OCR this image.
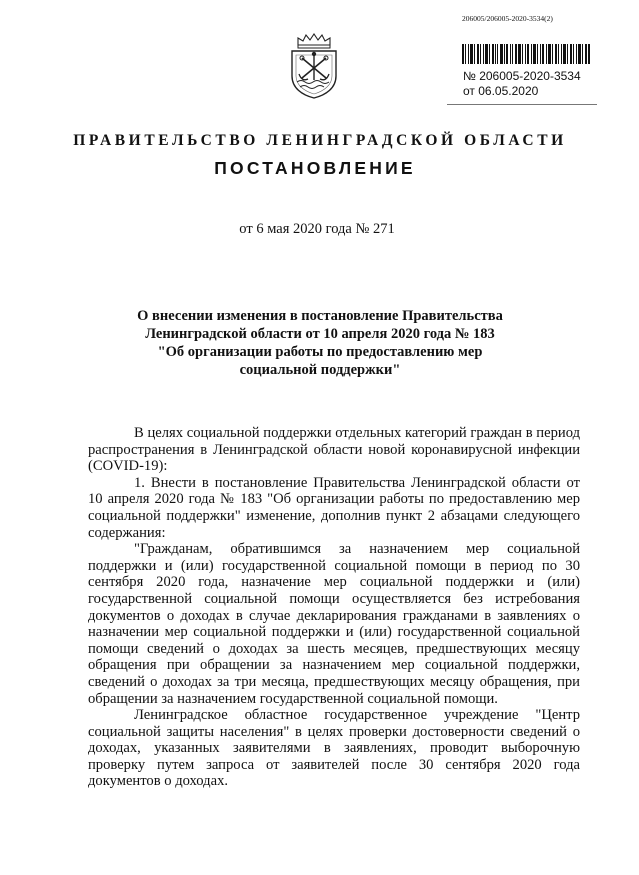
206005/206005-2020-3534(2)
№ 206005-2020-3534
от 06.05.2020
ПРАВИТЕЛЬСТВО ЛЕНИНГРАДСКОЙ ОБЛАСТИ
ПОСТАНОВЛЕНИЕ
от 6 мая 2020 года № 271
О внесении изменения в постановление Правительства
Ленинградской области от 10 апреля 2020 года № 183
"Об организации работы по предоставлению мер
социальной поддержки"

В целях социальной поддержки отдельных категорий граждан в период распространения в Ленинградской области новой коронавирусной инфекции (COVID-19):

1. Внести в постановление Правительства Ленинградской области от 10 апреля 2020 года № 183 "Об организации работы по предоставлению мер социальной поддержки" изменение, дополнив пункт 2 абзацами следующего содержания:

"Гражданам, обратившимся за назначением мер социальной поддержки и (или) государственной социальной помощи в период по 30 сентября 2020 года, назначение мер социальной поддержки и (или) государственной социальной помощи осуществляется без истребования документов о доходах в случае декларирования гражданами в заявлениях о назначении мер социальной поддержки и (или) государственной социальной помощи сведений о доходах за шесть месяцев, предшествующих месяцу обращения при обращении за назначением мер социальной поддержки, сведений о доходах за три месяца, предшествующих месяцу обращения, при обращении за назначением государственной социальной помощи.

Ленинградское областное государственное учреждение "Центр социальной защиты населения" в целях проверки достоверности сведений о доходах, указанных заявителями в заявлениях, проводит выборочную проверку путем запроса от заявителей после 30 сентября 2020 года документов о доходах.
